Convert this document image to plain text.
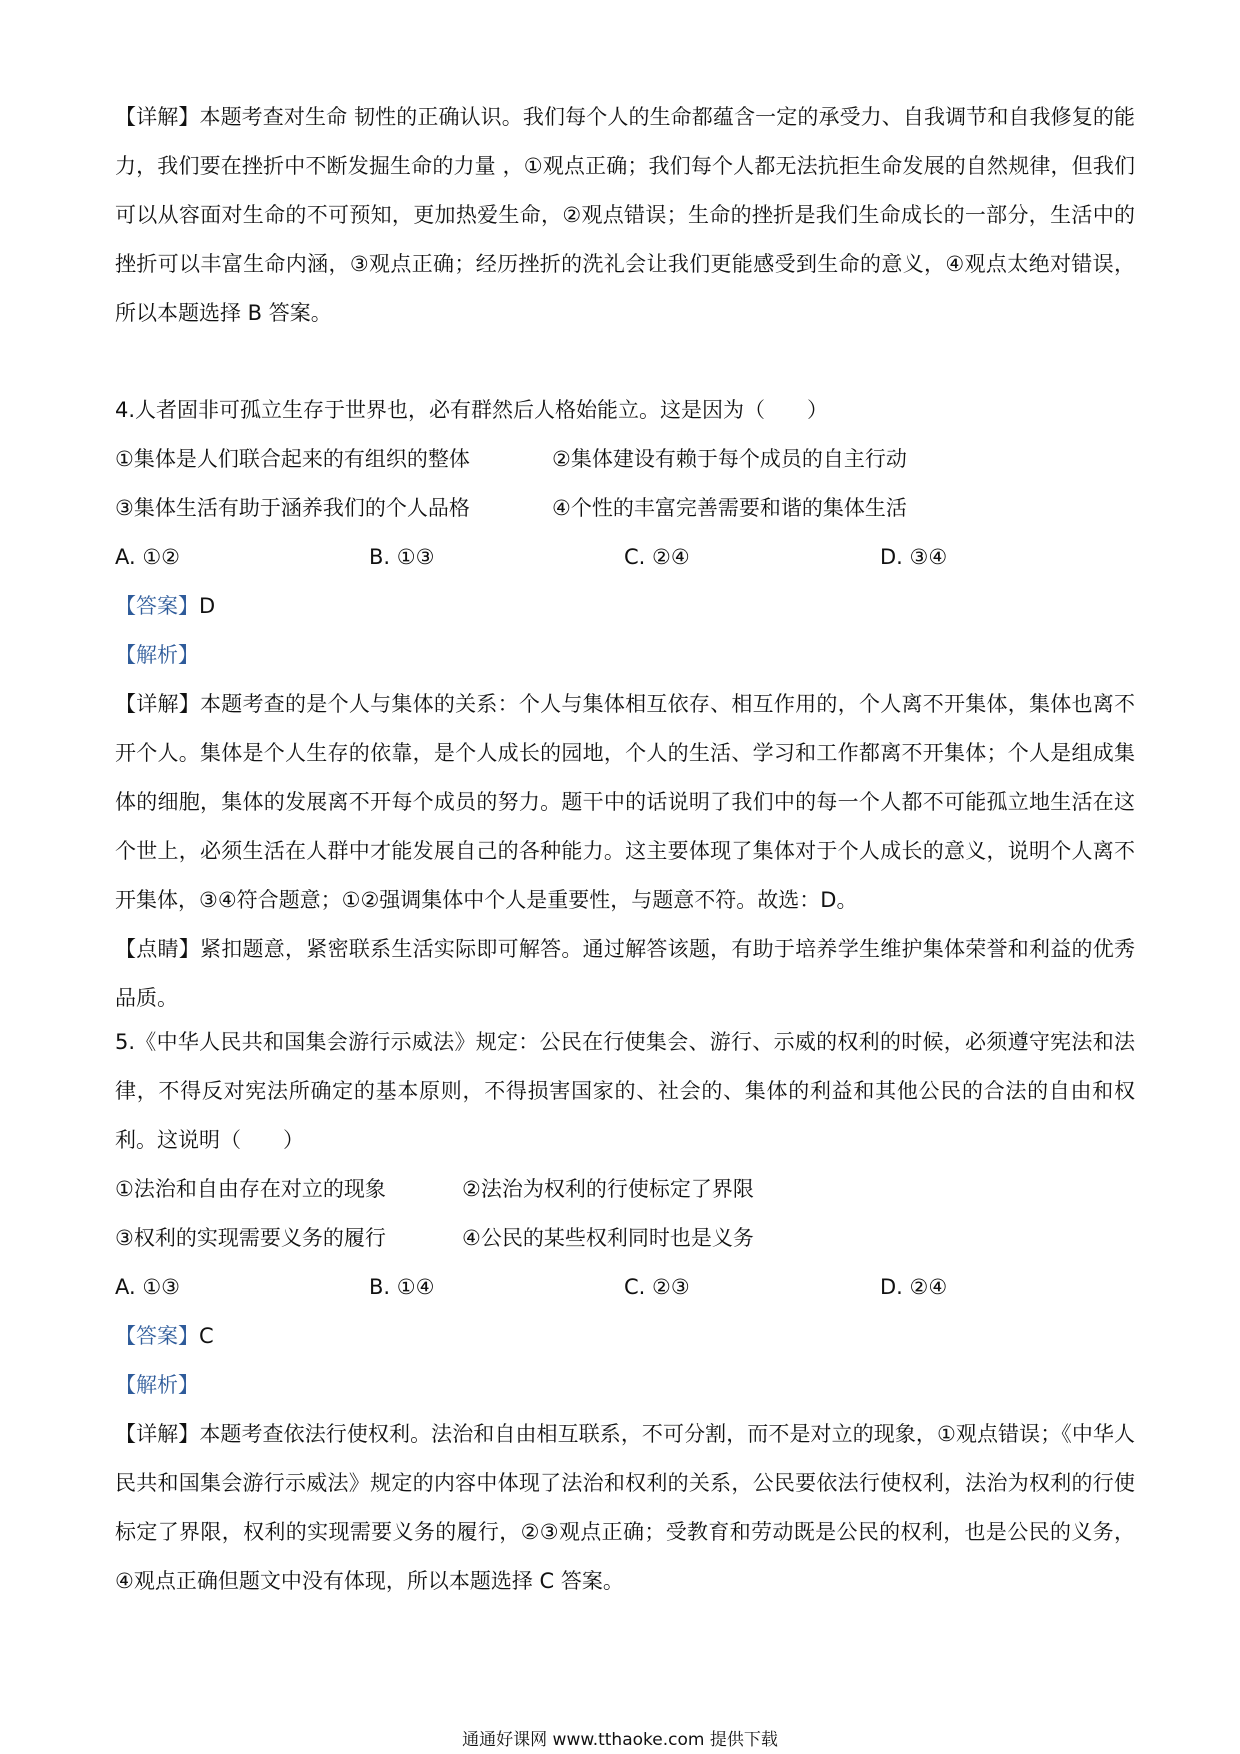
【详解】本题考查对生命 韧性的正确认识。我们每个人的生命都蕴含一定的承受力、自我调节和自我修复的能力，我们要在挫折中不断发掘生命的力量 ，①观点正确；我们每个人都无法抗拒生命发展的自然规律，但我们可以从容面对生命的不可预知，更加热爱生命，②观点错误；生命的挫折是我们生命成长的一部分，生活中的挫折可以丰富生命内涵，③观点正确；经历挫折的洗礼会让我们更能感受到生命的意义，④观点太绝对错误，所以本题选择 B 答案。

4.人者固非可孤立生存于世界也，必有群然后人格始能立。这是因为（　　）

①集体是人们联合起来的有组织的整体	②集体建设有赖于每个成员的自主行动
③集体生活有助于涵养我们的个人品格	④个性的丰富完善需要和谐的集体生活
A. ①②	B. ①③	C. ②④	D. ③④

【答案】D

【解析】

【详解】本题考查的是个人与集体的关系：个人与集体相互依存、相互作用的，个人离不开集体，集体也离不开个人。集体是个人生存的依靠，是个人成长的园地，个人的生活、学习和工作都离不开集体；个人是组成集体的细胞，集体的发展离不开每个成员的努力。题干中的话说明了我们中的每一个人都不可能孤立地生活在这个世上，必须生活在人群中才能发展自己的各种能力。这主要体现了集体对于个人成长的意义，说明个人离不开集体，③④符合题意；①②强调集体中个人是重要性，与题意不符。故选：D。

【点睛】紧扣题意，紧密联系生活实际即可解答。通过解答该题，有助于培养学生维护集体荣誉和利益的优秀品质。

5.《中华人民共和国集会游行示威法》规定：公民在行使集会、游行、示威的权利的时候，必须遵守宪法和法律，不得反对宪法所确定的基本原则，不得损害国家的、社会的、集体的利益和其他公民的合法的自由和权利。这说明（　　）

①法治和自由存在对立的现象	②法治为权利的行使标定了界限
③权利的实现需要义务的履行	④公民的某些权利同时也是义务
A. ①③	B. ①④	C. ②③	D. ②④

【答案】C

【解析】

【详解】本题考查依法行使权利。法治和自由相互联系，不可分割，而不是对立的现象，①观点错误；《中华人民共和国集会游行示威法》规定的内容中体现了法治和权利的关系，公民要依法行使权利，法治为权利的行使标定了界限，权利的实现需要义务的履行，②③观点正确；受教育和劳动既是公民的权利，也是公民的义务，④观点正确但题文中没有体现，所以本题选择 C 答案。

通通好课网 www.tthaoke.com 提供下载
